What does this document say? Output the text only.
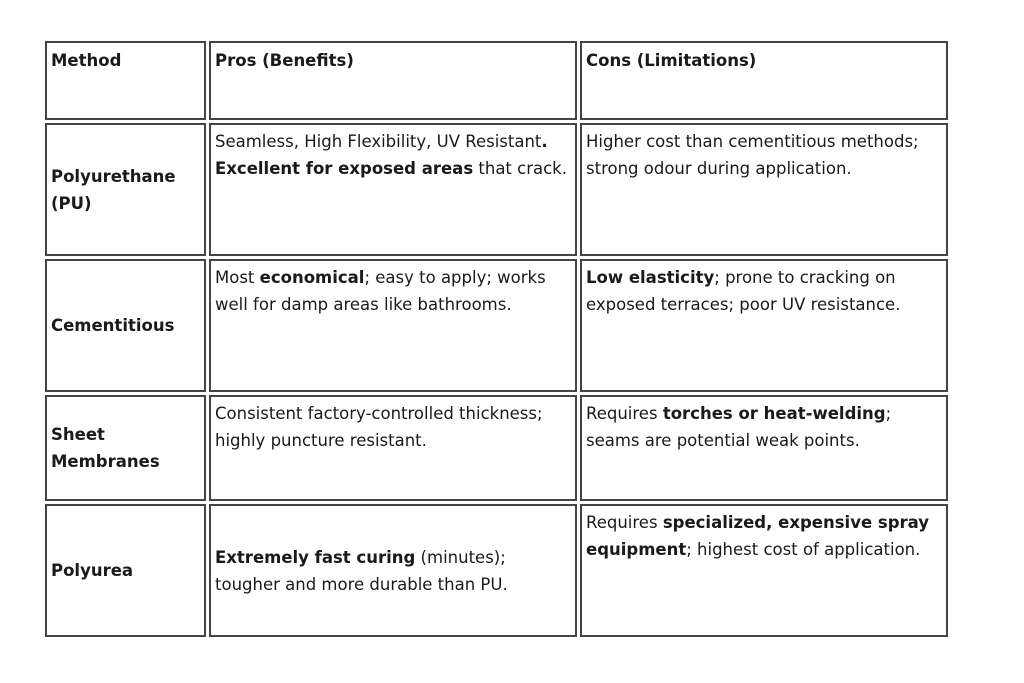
Method	Pros (Benefits)	Cons (Limitations)
Polyurethane (PU)
Seamless, High Flexibility, UV Resistant. Excellent for exposed areas that crack.
Higher cost than cementitious methods; strong odour during application.
Cementitious
Most economical; easy to apply; works well for damp areas like bathrooms.
Low elasticity; prone to cracking on exposed terraces; poor UV resistance.
Sheet Membranes
Consistent factory-controlled thickness; highly puncture resistant.
Requires torches or heat-welding; seams are potential weak points.
Polyurea
Extremely fast curing (minutes); tougher and more durable than PU.
Requires specialized, expensive spray equipment; highest cost of application.
